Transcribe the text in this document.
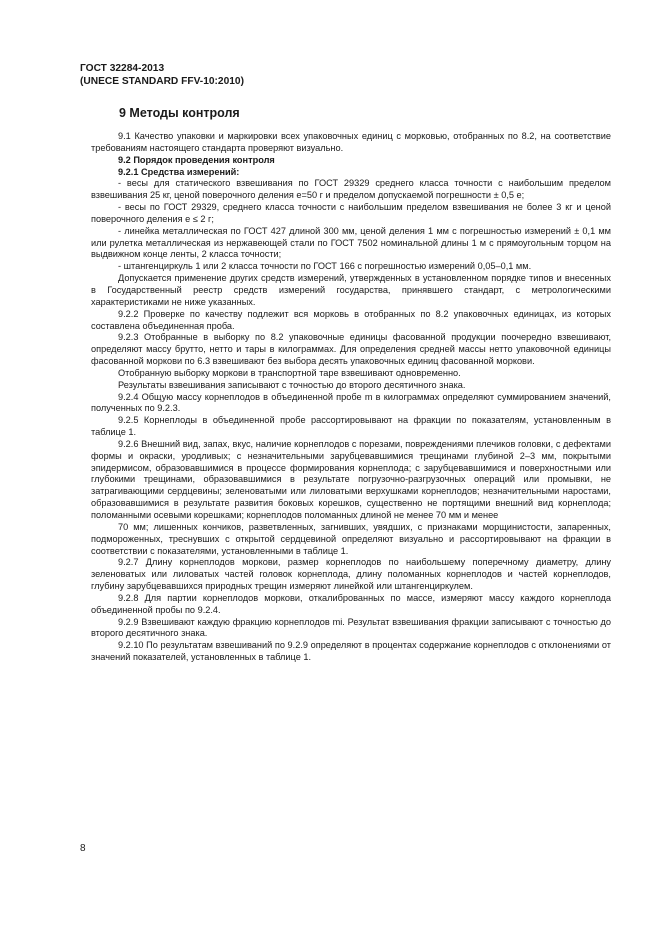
ГОСТ 32284-2013
(UNECE STANDARD FFV-10:2010)
9 Методы контроля

9.1 Качество упаковки и маркировки всех упаковочных единиц с морковью, отобранных по 8.2, на соответствие требованиям настоящего стандарта проверяют визуально.

9.2 Порядок проведения контроля

9.2.1 Средства измерений:

- весы для статического взвешивания по ГОСТ 29329 среднего класса точности с наибольшим пределом взвешивания 25 кг, ценой поверочного деления e=50 г и пределом допускаемой погрешности ± 0,5 e;

- весы по ГОСТ 29329, среднего класса точности с наибольшим пределом взвешивания не более 3 кг и ценой поверочного деления e ≤ 2 г;

- линейка металлическая по ГОСТ 427 длиной 300 мм, ценой деления 1 мм с погрешностью измерений ± 0,1 мм или рулетка металлическая из нержавеющей стали по ГОСТ 7502 номинальной длины 1 м с прямоугольным торцом на выдвижном конце ленты, 2 класса точности;

- штангенциркуль 1 или 2 класса точности по ГОСТ 166 с погрешностью измерений 0,05–0,1 мм.

Допускается применение других средств измерений, утвержденных в установленном порядке типов и внесенных в Государственный реестр средств измерений государства, принявшего стандарт, с метрологическими характеристиками не ниже указанных.

9.2.2 Проверке по качеству подлежит вся морковь в отобранных по 8.2 упаковочных единицах, из которых составлена объединенная проба.

9.2.3 Отобранные в выборку по 8.2 упаковочные единицы фасованной продукции поочередно взвешивают, определяют массу брутто, нетто и тары в килограммах. Для определения средней массы нетто упаковочной единицы фасованной моркови по 6.3 взвешивают без выбора десять упаковочных единиц фасованной моркови.

Отобранную выборку моркови в транспортной таре взвешивают одновременно.

Результаты взвешивания записывают с точностью до второго десятичного знака.

9.2.4 Общую массу корнеплодов в объединенной пробе m в килограммах определяют суммированием значений, полученных по 9.2.3.

9.2.5 Корнеплоды в объединенной пробе рассортировывают на фракции по показателям, установленным в таблице 1.

9.2.6 Внешний вид, запах, вкус, наличие корнеплодов с порезами, повреждениями плечиков головки, с дефектами формы и окраски, уродливых; с незначительными зарубцевавшимися трещинами глубиной 2–3 мм, покрытыми эпидермисом, образовавшимися в процессе формирования корнеплода; с зарубцевавшимися и поверхностными или глубокими трещинами, образовавшимися в результате погрузочно-разгрузочных операций или промывки, не затрагивающими сердцевины; зеленоватыми или лиловатыми верхушками корнеплодов; незначительными наростами, образовавшимися в результате развития боковых корешков, существенно не портящими внешний вид корнеплода; поломанными осевыми корешками; корнеплодов поломанных длиной не менее 70 мм и менее

70 мм; лишенных кончиков, разветвленных, загнивших, увядших, с признаками морщинистости, запаренных, подмороженных, треснувших с открытой сердцевиной определяют визуально и рассортировывают на фракции в соответствии с показателями, установленными в таблице 1.

9.2.7 Длину корнеплодов моркови, размер корнеплодов по наибольшему поперечному диаметру, длину зеленоватых или лиловатых частей головок корнеплода, длину поломанных корнеплодов и частей корнеплодов, глубину зарубцевавшихся природных трещин измеряют линейкой или штангенциркулем.

9.2.8 Для партии корнеплодов моркови, откалиброванных по массе, измеряют массу каждого корнеплода объединенной пробы по 9.2.4.

9.2.9 Взвешивают каждую фракцию корнеплодов mi. Результат взвешивания фракции записывают с точностью до второго десятичного знака.

9.2.10 По результатам взвешиваний по 9.2.9 определяют в процентах содержание корнеплодов с отклонениями от значений показателей, установленных в таблице 1.

8
